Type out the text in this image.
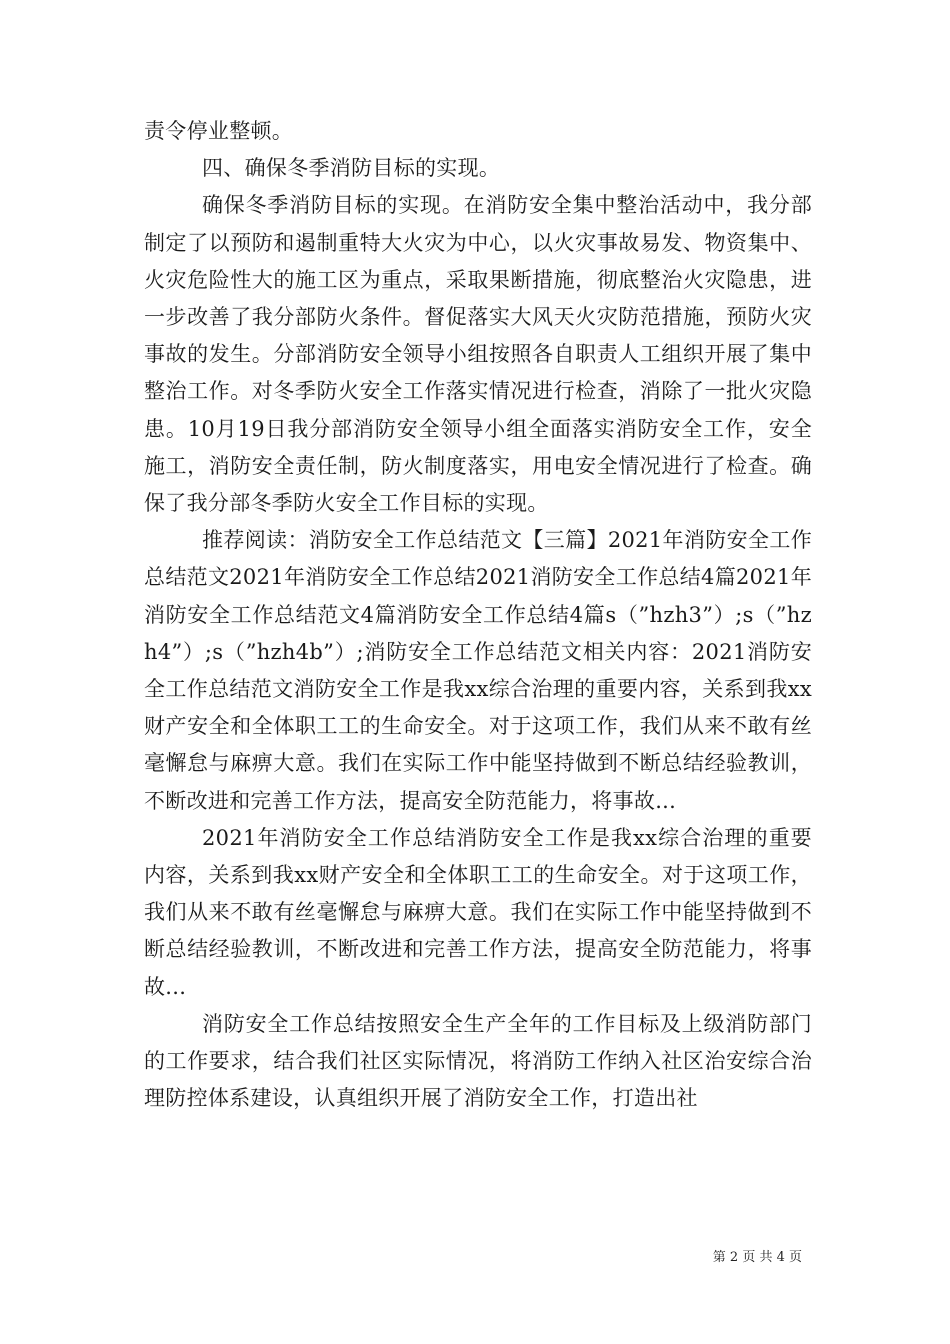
责令停业整顿。

四、确保冬季消防目标的实现。

确保冬季消防目标的实现。在消防安全集中整治活动中，我分部制定了以预防和遏制重特大火灾为中心，以火灾事故易发、物资集中、火灾危险性大的施工区为重点，采取果断措施，彻底整治火灾隐患，进一步改善了我分部防火条件。督促落实大风天火灾防范措施，预防火灾事故的发生。分部消防安全领导小组按照各自职责人工组织开展了集中整治工作。对冬季防火安全工作落实情况进行检查，消除了一批火灾隐患。10月19日我分部消防安全领导小组全面落实消防安全工作，安全施工，消防安全责任制，防火制度落实，用电安全情况进行了检查。确保了我分部冬季防火安全工作目标的实现。

推荐阅读：消防安全工作总结范文【三篇】2021年消防安全工作总结范文2021年消防安全工作总结2021消防安全工作总结4篇2021年消防安全工作总结范文4篇消防安全工作总结4篇s（”hzh3”）;s（”hzh4”）;s（”hzh4b”）;消防安全工作总结范文相关内容：2021消防安全工作总结范文消防安全工作是我xx综合治理的重要内容，关系到我xx财产安全和全体职工工的生命安全。对于这项工作，我们从来不敢有丝毫懈怠与麻痹大意。我们在实际工作中能坚持做到不断总结经验教训，不断改进和完善工作方法，提高安全防范能力，将事故...

2021年消防安全工作总结消防安全工作是我xx综合治理的重要内容，关系到我xx财产安全和全体职工工的生命安全。对于这项工作，我们从来不敢有丝毫懈怠与麻痹大意。我们在实际工作中能坚持做到不断总结经验教训，不断改进和完善工作方法，提高安全防范能力，将事故...

消防安全工作总结按照安全生产全年的工作目标及上级消防部门的工作要求，结合我们社区实际情况，将消防工作纳入社区治安综合治理防控体系建设，认真组织开展了消防安全工作，打造出社

第 2 页 共 4 页
